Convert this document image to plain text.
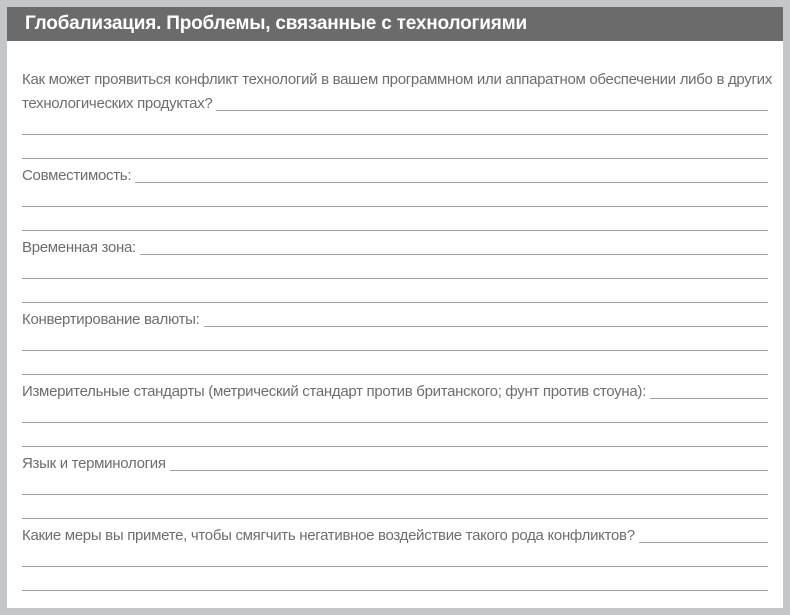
Глобализация. Проблемы, связанные с технологиями
Как может проявиться конфликт технологий в вашем программном или аппаратном обеспечении либо в других
технологических продуктах?
Совместимость:
Временная зона:
Конвертирование валюты:
Измерительные стандарты (метрический стандарт против британского; фунт против стоуна):
Язык и терминология
Какие меры вы примете, чтобы смягчить негативное воздействие такого рода конфликтов?
